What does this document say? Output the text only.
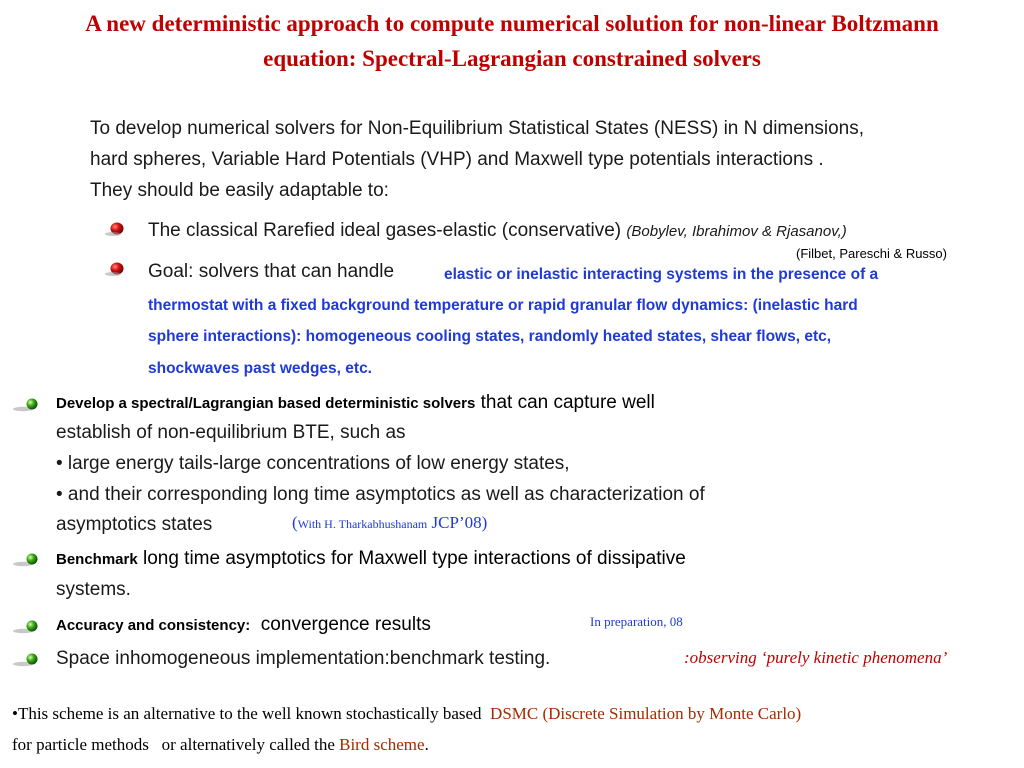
A new deterministic approach to compute numerical solution for non-linear Boltzmann
equation: Spectral-Lagrangian constrained solvers
To develop numerical solvers for Non-Equilibrium Statistical States (NESS) in N dimensions,
hard spheres, Variable Hard Potentials (VHP) and Maxwell type potentials interactions .
They should be easily adaptable to:
The classical Rarefied ideal gases-elastic (conservative) (Bobylev, Ibrahimov & Rjasanov,)
(Filbet, Pareschi & Russo)
Goal: solvers that can handle	elastic or inelastic interacting systems in the presence of a
thermostat with a fixed background temperature or rapid granular flow dynamics: (inelastic hard
sphere interactions): homogeneous cooling states, randomly heated states, shear flows, etc,
shockwaves past wedges, etc.
Develop a spectral/Lagrangian based deterministic solvers that can capture well
establish of non-equilibrium BTE, such as
• large energy tails-large concentrations of low energy states,
• and their corresponding long time asymptotics as well as characterization of
asymptotics states	(With H. Tharkabhushanam JCP’08)
Benchmark long time asymptotics for Maxwell type interactions of dissipative
systems.
Accuracy and consistency:  convergence results	In preparation, 08
Space inhomogeneous implementation:benchmark testing.	:observing ‘purely kinetic phenomena’
•This scheme is an alternative to the well known stochastically based  DSMC (Discrete Simulation by Monte Carlo)
for particle methods   or alternatively called the Bird scheme.
